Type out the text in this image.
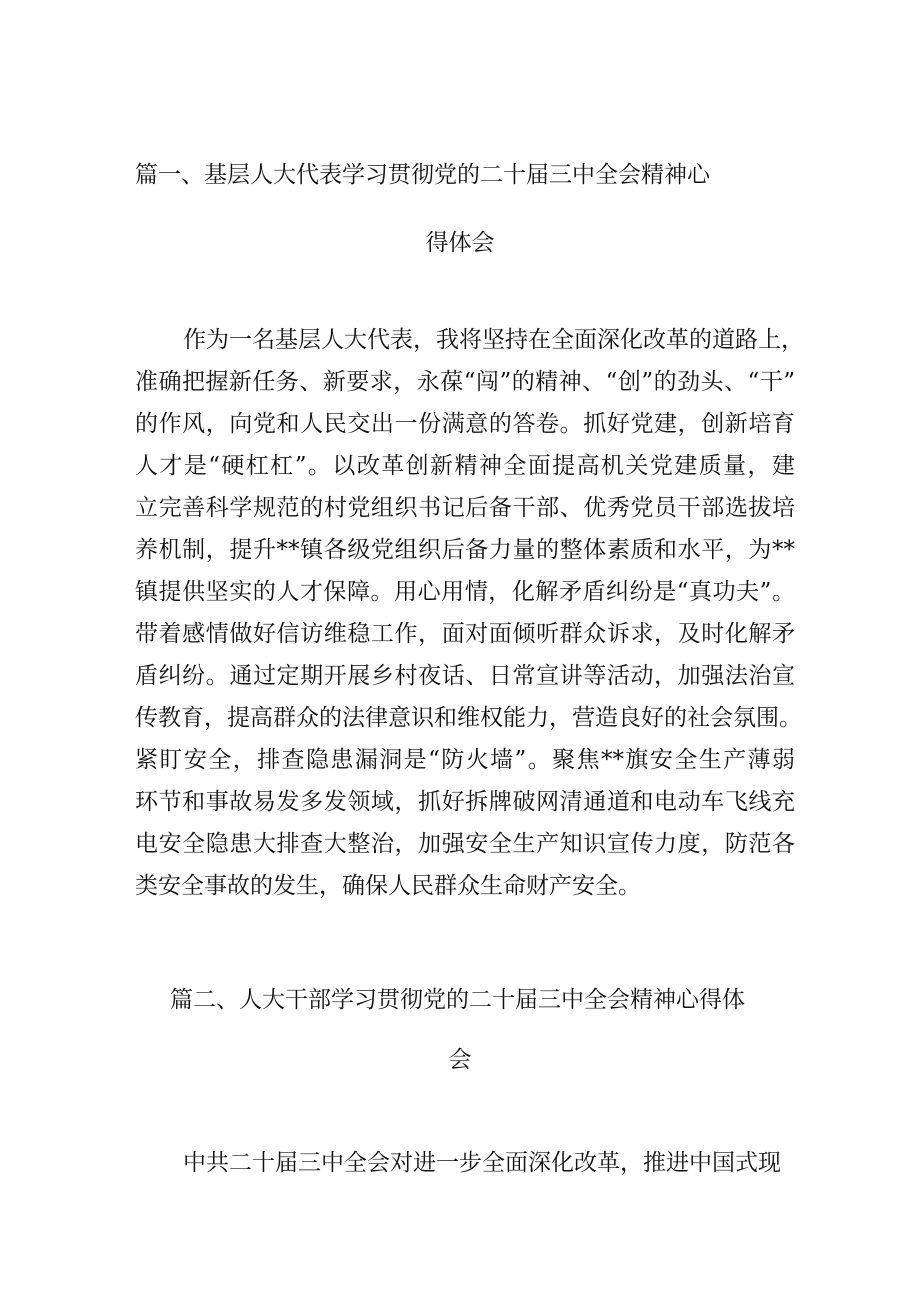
篇一、基层人大代表学习贯彻党的二十届三中全会精神心
得体会
作为一名基层人大代表，我将坚持在全面深化改革的道路上，
准确把握新任务、新要求，永葆“闯”的精神、“创”的劲头、“干”
的作风，向党和人民交出一份满意的答卷。抓好党建，创新培育
人才是“硬杠杠”。以改革创新精神全面提高机关党建质量，建
立完善科学规范的村党组织书记后备干部、优秀党员干部选拔培
养机制，提升**镇各级党组织后备力量的整体素质和水平，为**
镇提供坚实的人才保障。用心用情，化解矛盾纠纷是“真功夫”。
带着感情做好信访维稳工作，面对面倾听群众诉求，及时化解矛
盾纠纷。通过定期开展乡村夜话、日常宣讲等活动，加强法治宣
传教育，提高群众的法律意识和维权能力，营造良好的社会氛围。
紧盯安全，排查隐患漏洞是“防火墙”。聚焦**旗安全生产薄弱
环节和事故易发多发领域，抓好拆牌破网清通道和电动车飞线充
电安全隐患大排查大整治，加强安全生产知识宣传力度，防范各
类安全事故的发生，确保人民群众生命财产安全。
篇二、人大干部学习贯彻党的二十届三中全会精神心得体
会
中共二十届三中全会对进一步全面深化改革，推进中国式现
